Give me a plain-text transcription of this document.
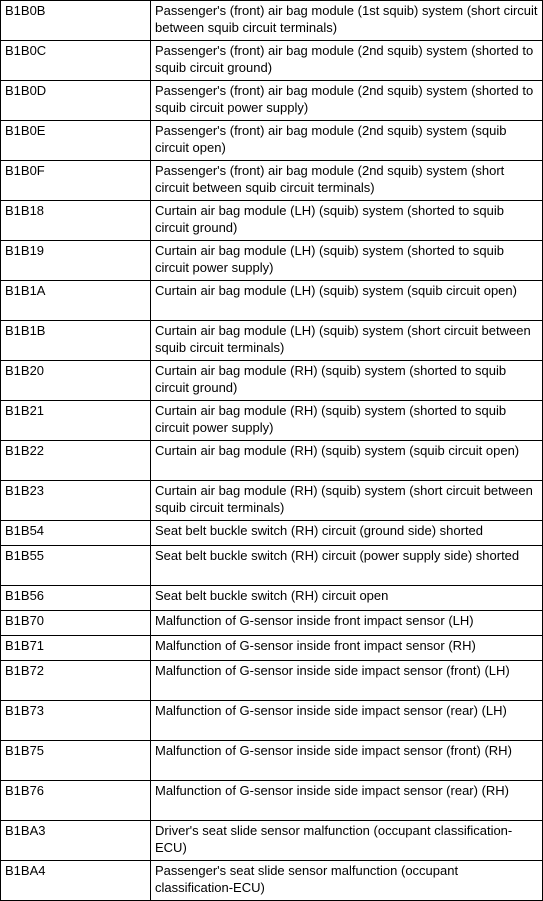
B1B0B	Passenger's (front) air bag module (1st squib) system (short circuit between squib circuit terminals)
B1B0C	Passenger's (front) air bag module (2nd squib) system (shorted to squib circuit ground)
B1B0D	Passenger's (front) air bag module (2nd squib) system (shorted to squib circuit power supply)
B1B0E	Passenger's (front) air bag module (2nd squib) system (squib circuit open)
B1B0F	Passenger's (front) air bag module (2nd squib) system (short circuit between squib circuit terminals)
B1B18	Curtain air bag module (LH) (squib) system (shorted to squib circuit ground)
B1B19	Curtain air bag module (LH) (squib) system (shorted to squib circuit power supply)
B1B1A	Curtain air bag module (LH) (squib) system (squib circuit open)
B1B1B	Curtain air bag module (LH) (squib) system (short circuit between squib circuit terminals)
B1B20	Curtain air bag module (RH) (squib) system (shorted to squib circuit ground)
B1B21	Curtain air bag module (RH) (squib) system (shorted to squib circuit power supply)
B1B22	Curtain air bag module (RH) (squib) system (squib circuit open)
B1B23	Curtain air bag module (RH) (squib) system (short circuit between squib circuit terminals)
B1B54	Seat belt buckle switch (RH) circuit (ground side) shorted
B1B55	Seat belt buckle switch (RH) circuit (power supply side) shorted
B1B56	Seat belt buckle switch (RH) circuit open
B1B70	Malfunction of G-sensor inside front impact sensor (LH)
B1B71	Malfunction of G-sensor inside front impact sensor (RH)
B1B72	Malfunction of G-sensor inside side impact sensor (front) (LH)
B1B73	Malfunction of G-sensor inside side impact sensor (rear) (LH)
B1B75	Malfunction of G-sensor inside side impact sensor (front) (RH)
B1B76	Malfunction of G-sensor inside side impact sensor (rear) (RH)
B1BA3	Driver's seat slide sensor malfunction (occupant classification-ECU)
B1BA4	Passenger's seat slide sensor malfunction (occupant classification-ECU)
